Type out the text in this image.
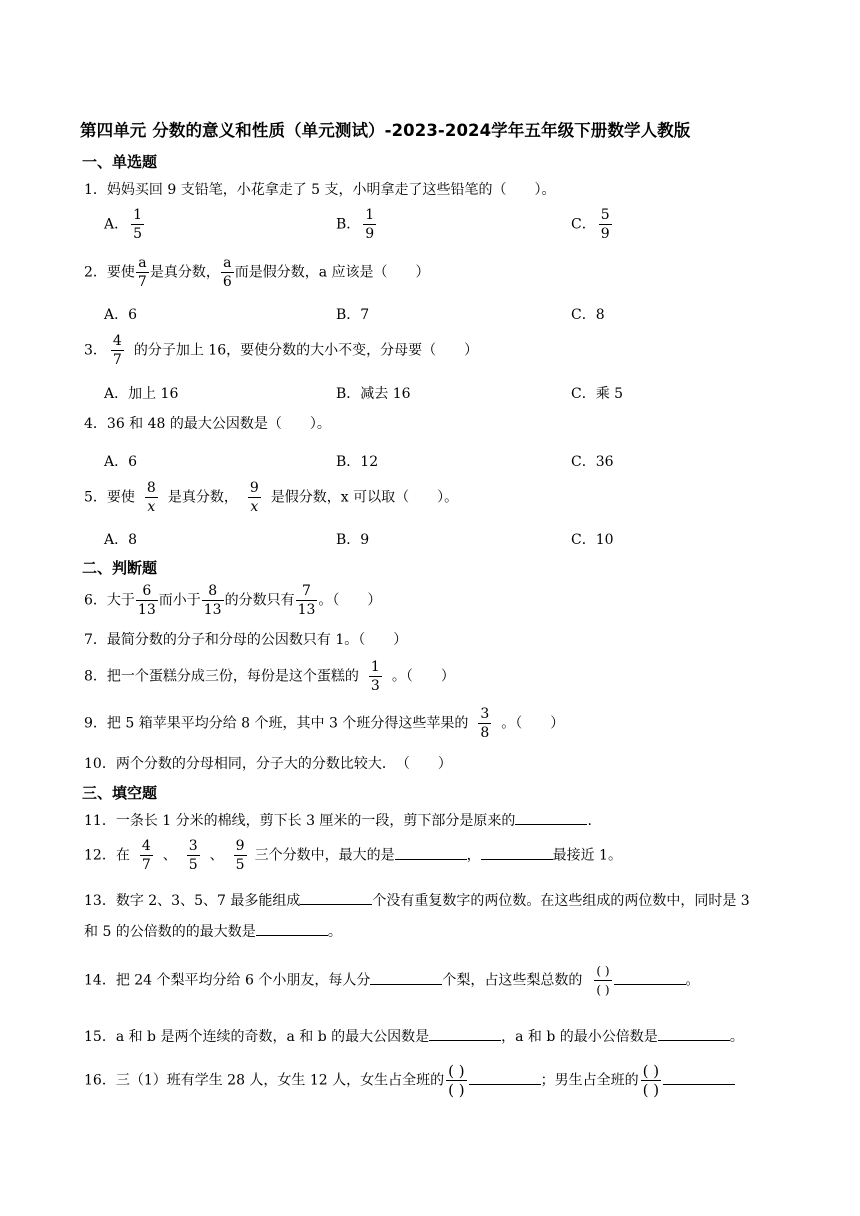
第四单元 分数的意义和性质（单元测试）-2023-2024学年五年级下册数学人教版
一、单选题
1．妈妈买回 9 支铅笔，小花拿走了 5 支，小明拿走了这些铅笔的（　　）。
A． $\frac{1}{5}$	B． $\frac{1}{9}$	C． $\frac{5}{9}$
2．要使 $\frac{a}{7}$ 是真分数， $\frac{a}{6}$ 而是假分数，a 应该是（　　）
A．6	B．7	C．8
3． $\frac{4}{7}$ 的分子加上 16，要使分数的大小不变，分母要（　　）
A．加上 16	B．减去 16	C．乘 5
4．36 和 48 的最大公因数是（　　）。
A．6	B．12	C．36
5．要使 $\frac{8}{x}$ 是真分数， $\frac{9}{x}$ 是假分数，x 可以取（　　）。
A．8	B．9	C．10
二、判断题
6．大于 $\frac{6}{13}$ 而小于 $\frac{8}{13}$ 的分数只有 $\frac{7}{13}$ 。（　　）
7．最简分数的分子和分母的公因数只有 1。（　　）
8．把一个蛋糕分成三份，每份是这个蛋糕的 $\frac{1}{3}$ 。（　　）
9．把 5 箱苹果平均分给 8 个班，其中 3 个班分得这些苹果的 $\frac{3}{8}$ 。（　　）
10．两个分数的分母相同，分子大的分数比较大．　（　　）
三、填空题
11．一条长 1 分米的棉线，剪下长 3 厘米的一段，剪下部分是原来的	.
12．在 $\frac{4}{7}$ 、 $\frac{3}{5}$ 、 $\frac{9}{5}$ 三个分数中，最大的是	，	最接近 1。
13．数字 2、3、5、7 最多能组成	个没有重复数字的两位数。在这些组成的两位数中，同时是 3
和 5 的公倍数的的最大数是	。
14．把 24 个梨平均分给 6 个小朋友，每人分	个梨，占这些梨总数的 $\frac{( )}{( )}$	。
15．a 和 b 是两个连续的奇数，a 和 b 的最大公因数是	，a 和 b 的最小公倍数是	。
16．三（1）班有学生 28 人，女生 12 人，女生占全班的 $\frac{( )}{( )}$	；男生占全班的 $\frac{( )}{( )}$
